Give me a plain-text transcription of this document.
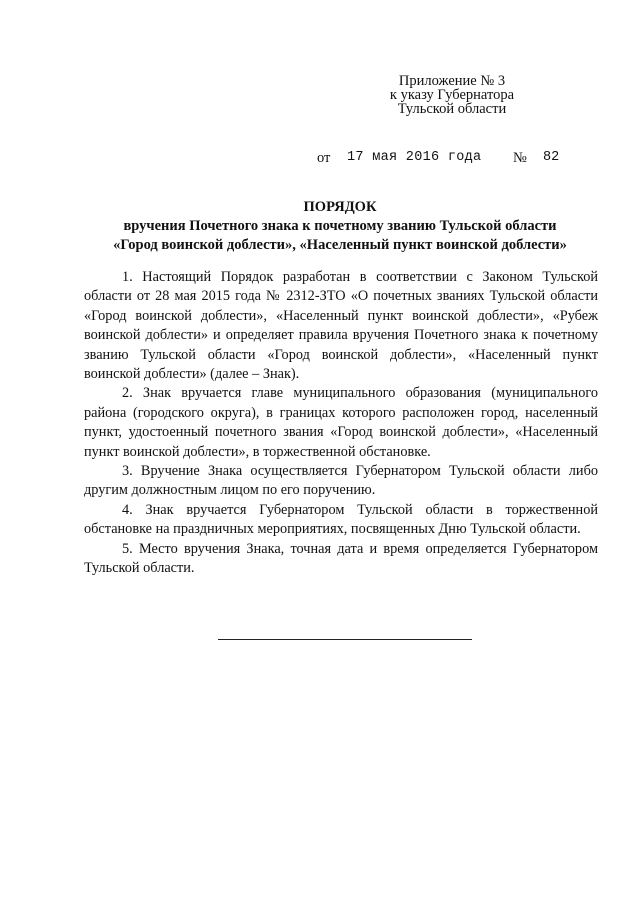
Приложение № 3
к указу Губернатора
Тульской области
от 17 мая 2016 года № 82
ПОРЯДОК
вручения Почетного знака к почетному званию Тульской области
«Город воинской доблести», «Населенный пункт воинской доблести»

1. Настоящий Порядок разработан в соответствии с Законом Тульской области от 28 мая 2015 года № 2312-ЗТО «О почетных званиях Тульской области «Город воинской доблести», «Населенный пункт воинской доблести», «Рубеж воинской доблести» и определяет правила вручения Почетного знака к почетному званию Тульской области «Город воинской доблести», «Населенный пункт воинской доблести» (далее – Знак).

2. Знак вручается главе муниципального образования (муниципального района (городского округа), в границах которого расположен город, населенный пункт, удостоенный почетного звания «Город воинской доблести», «Населенный пункт воинской доблести», в торжественной обстановке.

3. Вручение Знака осуществляется Губернатором Тульской области либо другим должностным лицом по его поручению.

4. Знак вручается Губернатором Тульской области в торжественной обстановке на праздничных мероприятиях, посвященных Дню Тульской области.

5. Место вручения Знака, точная дата и время определяется Губернатором Тульской области.
